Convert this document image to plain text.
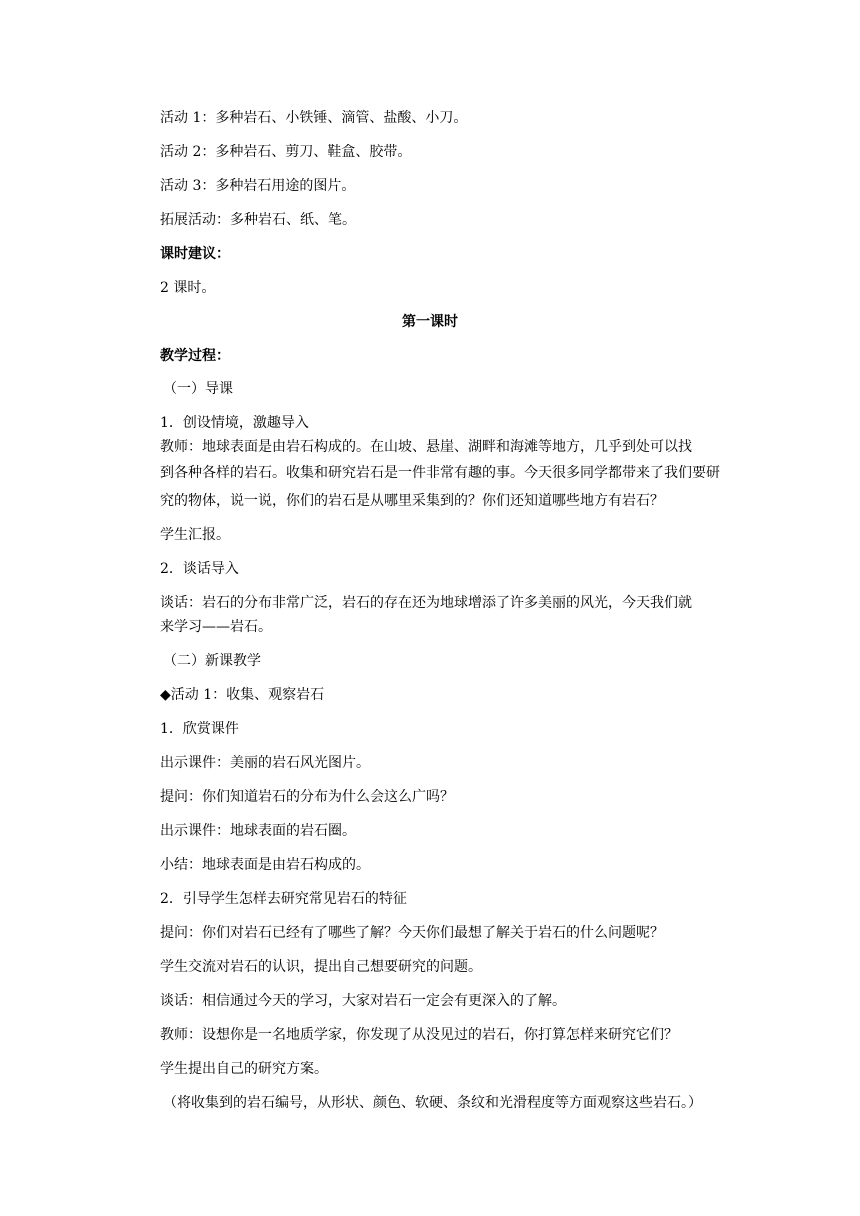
活动 1：多种岩石、小铁锤、滴管、盐酸、小刀。
活动 2：多种岩石、剪刀、鞋盒、胶带。
活动 3：多种岩石用途的图片。
拓展活动：多种岩石、纸、笔。
课时建议：
2 课时。
第一课时
教学过程：
（一）导课
1．创设情境，激趣导入
教师：地球表面是由岩石构成的。在山坡、悬崖、湖畔和海滩等地方，几乎到处可以找
到各种各样的岩石。收集和研究岩石是一件非常有趣的事。今天很多同学都带来了我们要研
究的物体，说一说，你们的岩石是从哪里采集到的？你们还知道哪些地方有岩石？
学生汇报。
2．谈话导入
谈话：岩石的分布非常广泛，岩石的存在还为地球增添了许多美丽的风光，今天我们就
来学习——岩石。
（二）新课教学
◆活动 1：收集、观察岩石
1．欣赏课件
出示课件：美丽的岩石风光图片。
提问：你们知道岩石的分布为什么会这么广吗？
出示课件：地球表面的岩石圈。
小结：地球表面是由岩石构成的。
2．引导学生怎样去研究常见岩石的特征
提问：你们对岩石已经有了哪些了解？今天你们最想了解关于岩石的什么问题呢？
学生交流对岩石的认识，提出自己想要研究的问题。
谈话：相信通过今天的学习，大家对岩石一定会有更深入的了解。
教师：设想你是一名地质学家，你发现了从没见过的岩石，你打算怎样来研究它们？
学生提出自己的研究方案。
（将收集到的岩石编号，从形状、颜色、软硬、条纹和光滑程度等方面观察这些岩石。）
